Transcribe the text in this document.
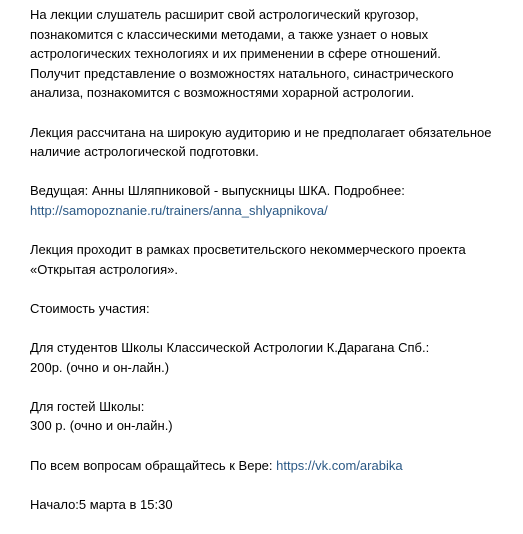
На лекции слушатель расширит свой астрологический кругозор,
познакомится с классическими методами, а также узнает о новых
астрологических технологиях и их применении в сфере отношений.
Получит представление о возможностях натального, синастрического
анализа, познакомится с возможностями хорарной астрологии.
Лекция рассчитана на широкую аудиторию и не предполагает обязательное
наличие астрологической подготовки.
Ведущая: Анны Шляпниковой - выпускницы ШКА. Подробнее:
http://samopoznanie.ru/trainers/anna_shlyapnikova/
Лекция проходит в рамках просветительского некоммерческого проекта
«Открытая астрология».
Стоимость участия:
Для студентов Школы Классической Астрологии К.Дарагана Спб.:
200р. (очно и он-лайн.)
Для гостей Школы:
300 р. (очно и он-лайн.)
По всем вопросам обращайтесь к Вере: https://vk.com/arabika
Начало:5 марта в 15:30
